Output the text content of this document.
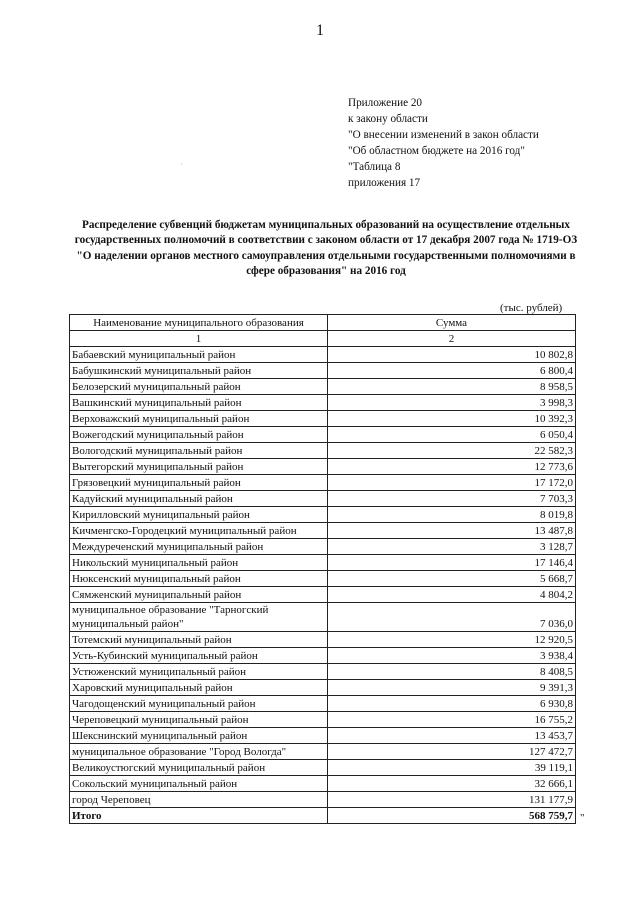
1
·
Приложение 20
к закону области
"О внесении изменений в закон области
"Об областном бюджете на 2016 год"
"Таблица 8
приложения 17
Распределение субвенций бюджетам муниципальных образований на осуществление отдельных государственных полномочий в соответствии с законом области от 17 декабря 2007 года № 1719-ОЗ "О наделении органов местного самоуправления отдельными государственными полномочиями в сфере образования" на 2016 год
(тыс. рублей)
Наименование муниципального образования	Сумма
1	2
Бабаевский муниципальный район	10 802,8
Бабушкинский муниципальный район	6 800,4
Белозерский муниципальный район	8 958,5
Вашкинский муниципальный район	3 998,3
Верховажский муниципальный район	10 392,3
Вожегодский муниципальный район	6 050,4
Вологодский муниципальный район	22 582,3
Вытегорский муниципальный район	12 773,6
Грязовецкий муниципальный район	17 172,0
Кадуйский муниципальный район	7 703,3
Кирилловский муниципальный район	8 019,8
Кичменгско-Городецкий муниципальный район	13 487,8
Междуреченский муниципальный район	3 128,7
Никольский муниципальный район	17 146,4
Нюксенский муниципальный район	5 668,7
Сямженский муниципальный район	4 804,2
муниципальное образование "Тарногский муниципальный район"	7 036,0
Тотемский муниципальный район	12 920,5
Усть-Кубинский муниципальный район	3 938,4
Устюженский муниципальный район	8 408,5
Харовский муниципальный район	9 391,3
Чагодощенский муниципальный район	6 930,8
Череповецкий муниципальный район	16 755,2
Шекснинский муниципальный район	13 453,7
муниципальное образование "Город Вологда"	127 472,7
Великоустюгский муниципальный район	39 119,1
Сокольский муниципальный район	32 666,1
город Череповец	131 177,9
Итого	568 759,7 "
